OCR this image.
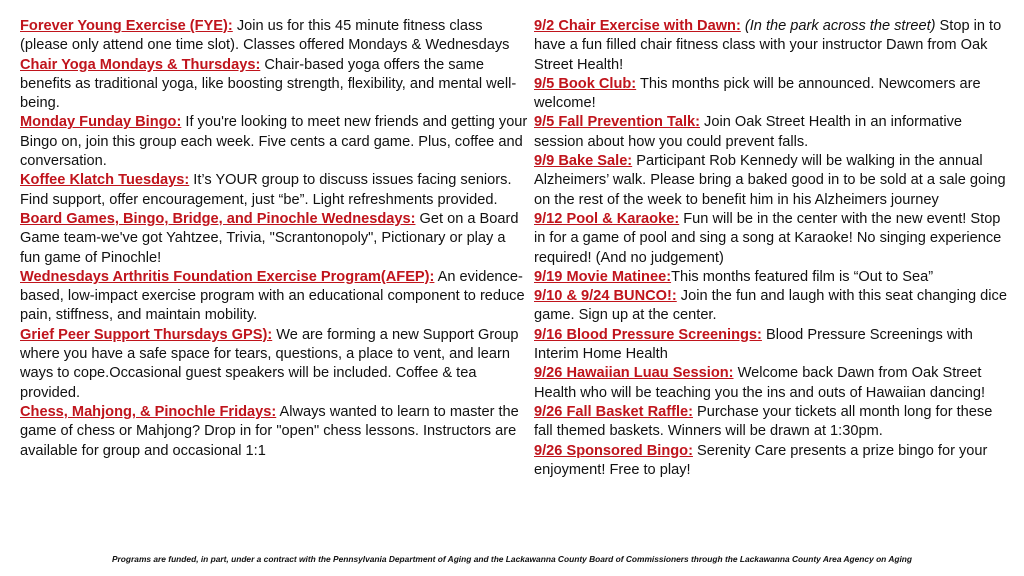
Forever Young Exercise (FYE): Join us for this 45 minute fitness class (please only attend one time slot). Classes offered Mondays & Wednesdays

Chair Yoga Mondays & Thursdays: Chair-based yoga offers the same benefits as traditional yoga, like boosting strength, flexibility, and mental well-being.

Monday Funday Bingo: If you're looking to meet new friends and getting your Bingo on, join this group each week. Five cents a card game. Plus, coffee and conversation.

Koffee Klatch Tuesdays: It’s YOUR group to discuss issues facing seniors. Find support, offer encouragement, just “be”. Light refreshments provided.

Board Games, Bingo, Bridge, and Pinochle Wednesdays: Get on a Board Game team-we've got Yahtzee, Trivia, "Scrantonopoly", Pictionary or play a fun game of Pinochle!

Wednesdays Arthritis Foundation Exercise Program(AFEP): An evidence-based, low-impact exercise program with an educational component to reduce pain, stiffness, and maintain mobility.

Grief Peer Support Thursdays GPS): We are forming a new Support Group where you have a safe space for tears, questions, a place to vent, and learn ways to cope.Occasional guest speakers will be included. Coffee & tea provided.

Chess, Mahjong, & Pinochle Fridays: Always wanted to learn to master the game of chess or Mahjong? Drop in for "open" chess lessons. Instructors are available for group and occasional 1:1

9/2 Chair Exercise with Dawn: (In the park across the street) Stop in to have a fun filled chair fitness class with your instructor Dawn from Oak Street Health!

9/5 Book Club: This months pick will be announced. Newcomers are welcome!

9/5 Fall Prevention Talk: Join Oak Street Health in an informative session about how you could prevent falls.

9/9 Bake Sale: Participant Rob Kennedy will be walking in the annual Alzheimers’ walk. Please bring a baked good in to be sold at a sale going on the rest of the week to benefit him in his Alzheimers journey

9/12 Pool & Karaoke: Fun will be in the center with the new event! Stop in for a game of pool and sing a song at Karaoke! No singing experience required! (And no judgement)

9/19 Movie Matinee:This months featured film is “Out to Sea”

9/10 & 9/24 BUNCO!: Join the fun and laugh with this seat changing dice game. Sign up at the center.

9/16 Blood Pressure Screenings: Blood Pressure Screenings with Interim Home Health

9/26 Hawaiian Luau Session: Welcome back Dawn from Oak Street Health who will be teaching you the ins and outs of Hawaiian dancing!

9/26 Fall Basket Raffle: Purchase your tickets all month long for these fall themed baskets. Winners will be drawn at 1:30pm.

9/26 Sponsored Bingo: Serenity Care presents a prize bingo for your enjoyment! Free to play!

Programs are funded, in part, under a contract with the Pennsylvania Department of Aging and the Lackawanna County Board of Commissioners through the Lackawanna County Area Agency on Aging
